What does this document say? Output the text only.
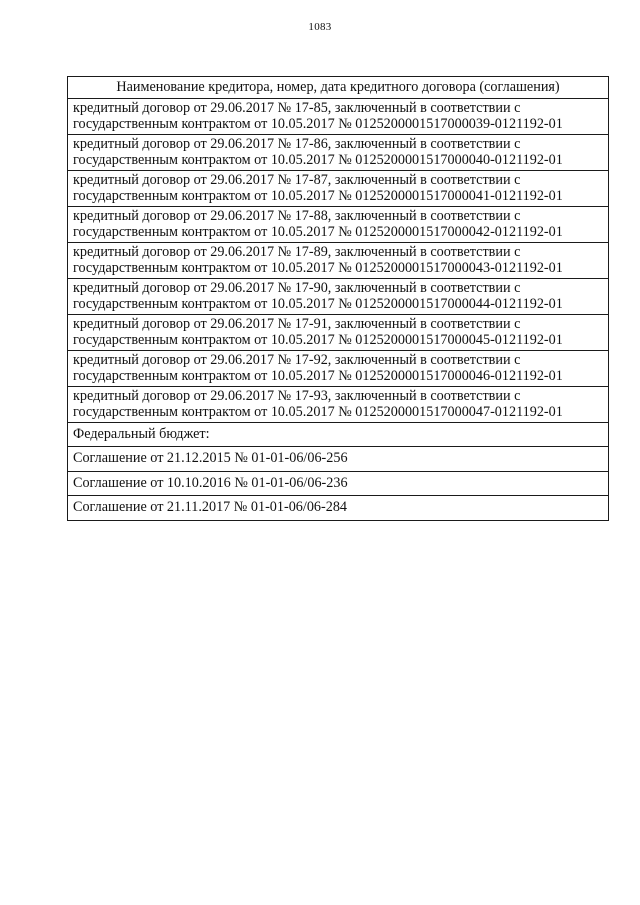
1083
Наименование кредитора, номер, дата кредитного договора (соглашения)

кредитный договор от 29.06.2017 № 17-85, заключенный в соответствии с
государственным контрактом от 10.05.2017 № 0125200001517000039-0121192-01

кредитный договор от 29.06.2017 № 17-86, заключенный в соответствии с
государственным контрактом от 10.05.2017 № 0125200001517000040-0121192-01

кредитный договор от 29.06.2017 № 17-87, заключенный в соответствии с
государственным контрактом от 10.05.2017 № 0125200001517000041-0121192-01

кредитный договор от 29.06.2017 № 17-88, заключенный в соответствии с
государственным контрактом от 10.05.2017 № 0125200001517000042-0121192-01

кредитный договор от 29.06.2017 № 17-89, заключенный в соответствии с
государственным контрактом от 10.05.2017 № 0125200001517000043-0121192-01

кредитный договор от 29.06.2017 № 17-90, заключенный в соответствии с
государственным контрактом от 10.05.2017 № 0125200001517000044-0121192-01

кредитный договор от 29.06.2017 № 17-91, заключенный в соответствии с
государственным контрактом от 10.05.2017 № 0125200001517000045-0121192-01

кредитный договор от 29.06.2017 № 17-92, заключенный в соответствии с
государственным контрактом от 10.05.2017 № 0125200001517000046-0121192-01

кредитный договор от 29.06.2017 № 17-93, заключенный в соответствии с
государственным контрактом от 10.05.2017 № 0125200001517000047-0121192-01

Федеральный бюджет:
Соглашение от 21.12.2015 № 01-01-06/06-256
Соглашение от 10.10.2016 № 01-01-06/06-236
Соглашение от 21.11.2017 № 01-01-06/06-284
